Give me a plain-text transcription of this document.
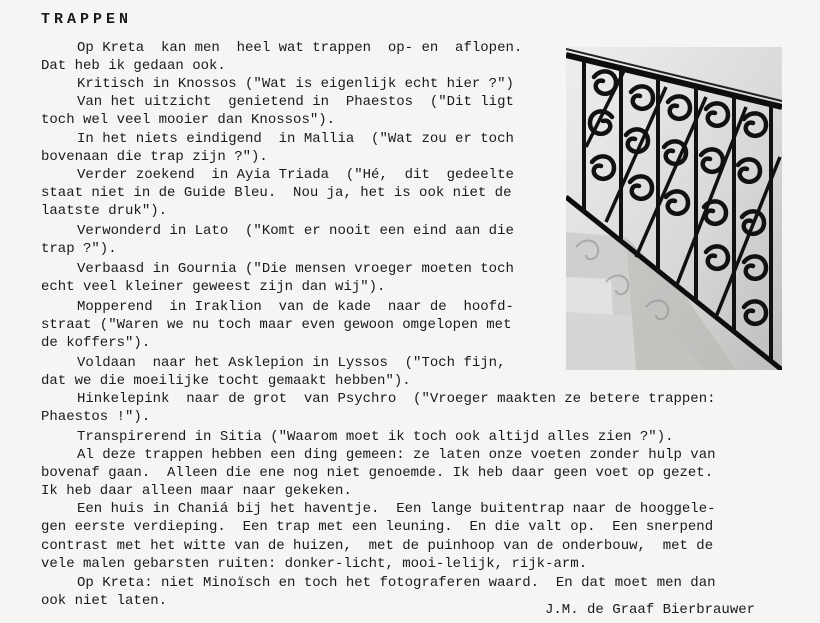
TRAPPEN

Op Kreta  kan men  heel wat trappen  op- en  aflopen.

Dat heb ik gedaan ook.

Kritisch in Knossos ("Wat is eigenlijk echt hier ?")

Van het uitzicht  genietend in  Phaestos  ("Dit ligt

toch wel veel mooier dan Knossos").

In het niets eindigend  in Mallia  ("Wat zou er toch

bovenaan die trap zijn ?").

Verder zoekend  in Ayia Triada  ("Hé,  dit  gedeelte

staat niet in de Guide Bleu.  Nou ja, het is ook niet de

laatste druk").

Verwonderd in Lato  ("Komt er nooit een eind aan die

trap ?").

Verbaasd in Gournia ("Die mensen vroeger moeten toch

echt veel kleiner geweest zijn dan wij").

Mopperend  in Iraklion  van de kade  naar de  hoofd-

straat ("Waren we nu toch maar even gewoon omgelopen met

de koffers").

Voldaan  naar het Asklepion in Lyssos  ("Toch fijn,

dat we die moeilijke tocht gemaakt hebben").

Hinkelepink  naar de grot  van Psychro  ("Vroeger maakten ze betere trappen:

Phaestos !").

Transpirerend in Sitia ("Waarom moet ik toch ook altijd alles zien ?").

Al deze trappen hebben een ding gemeen: ze laten onze voeten zonder hulp van

bovenaf gaan.  Alleen die ene nog niet genoemde. Ik heb daar geen voet op gezet.

Ik heb daar alleen maar naar gekeken.

Een huis in Chaniá bij het haventje.  Een lange buitentrap naar de hooggele-

gen eerste verdieping.  Een trap met een leuning.  En die valt op.  Een snerpend

contrast met het witte van de huizen,  met de puinhoop van de onderbouw,  met de

vele malen gebarsten ruiten: donker-licht, mooi-lelijk, rijk-arm.

Op Kreta: niet Minoïsch en toch het fotograferen waard.  En dat moet men dan

ook niet laten.

J.M. de Graaf Bierbrauwer
